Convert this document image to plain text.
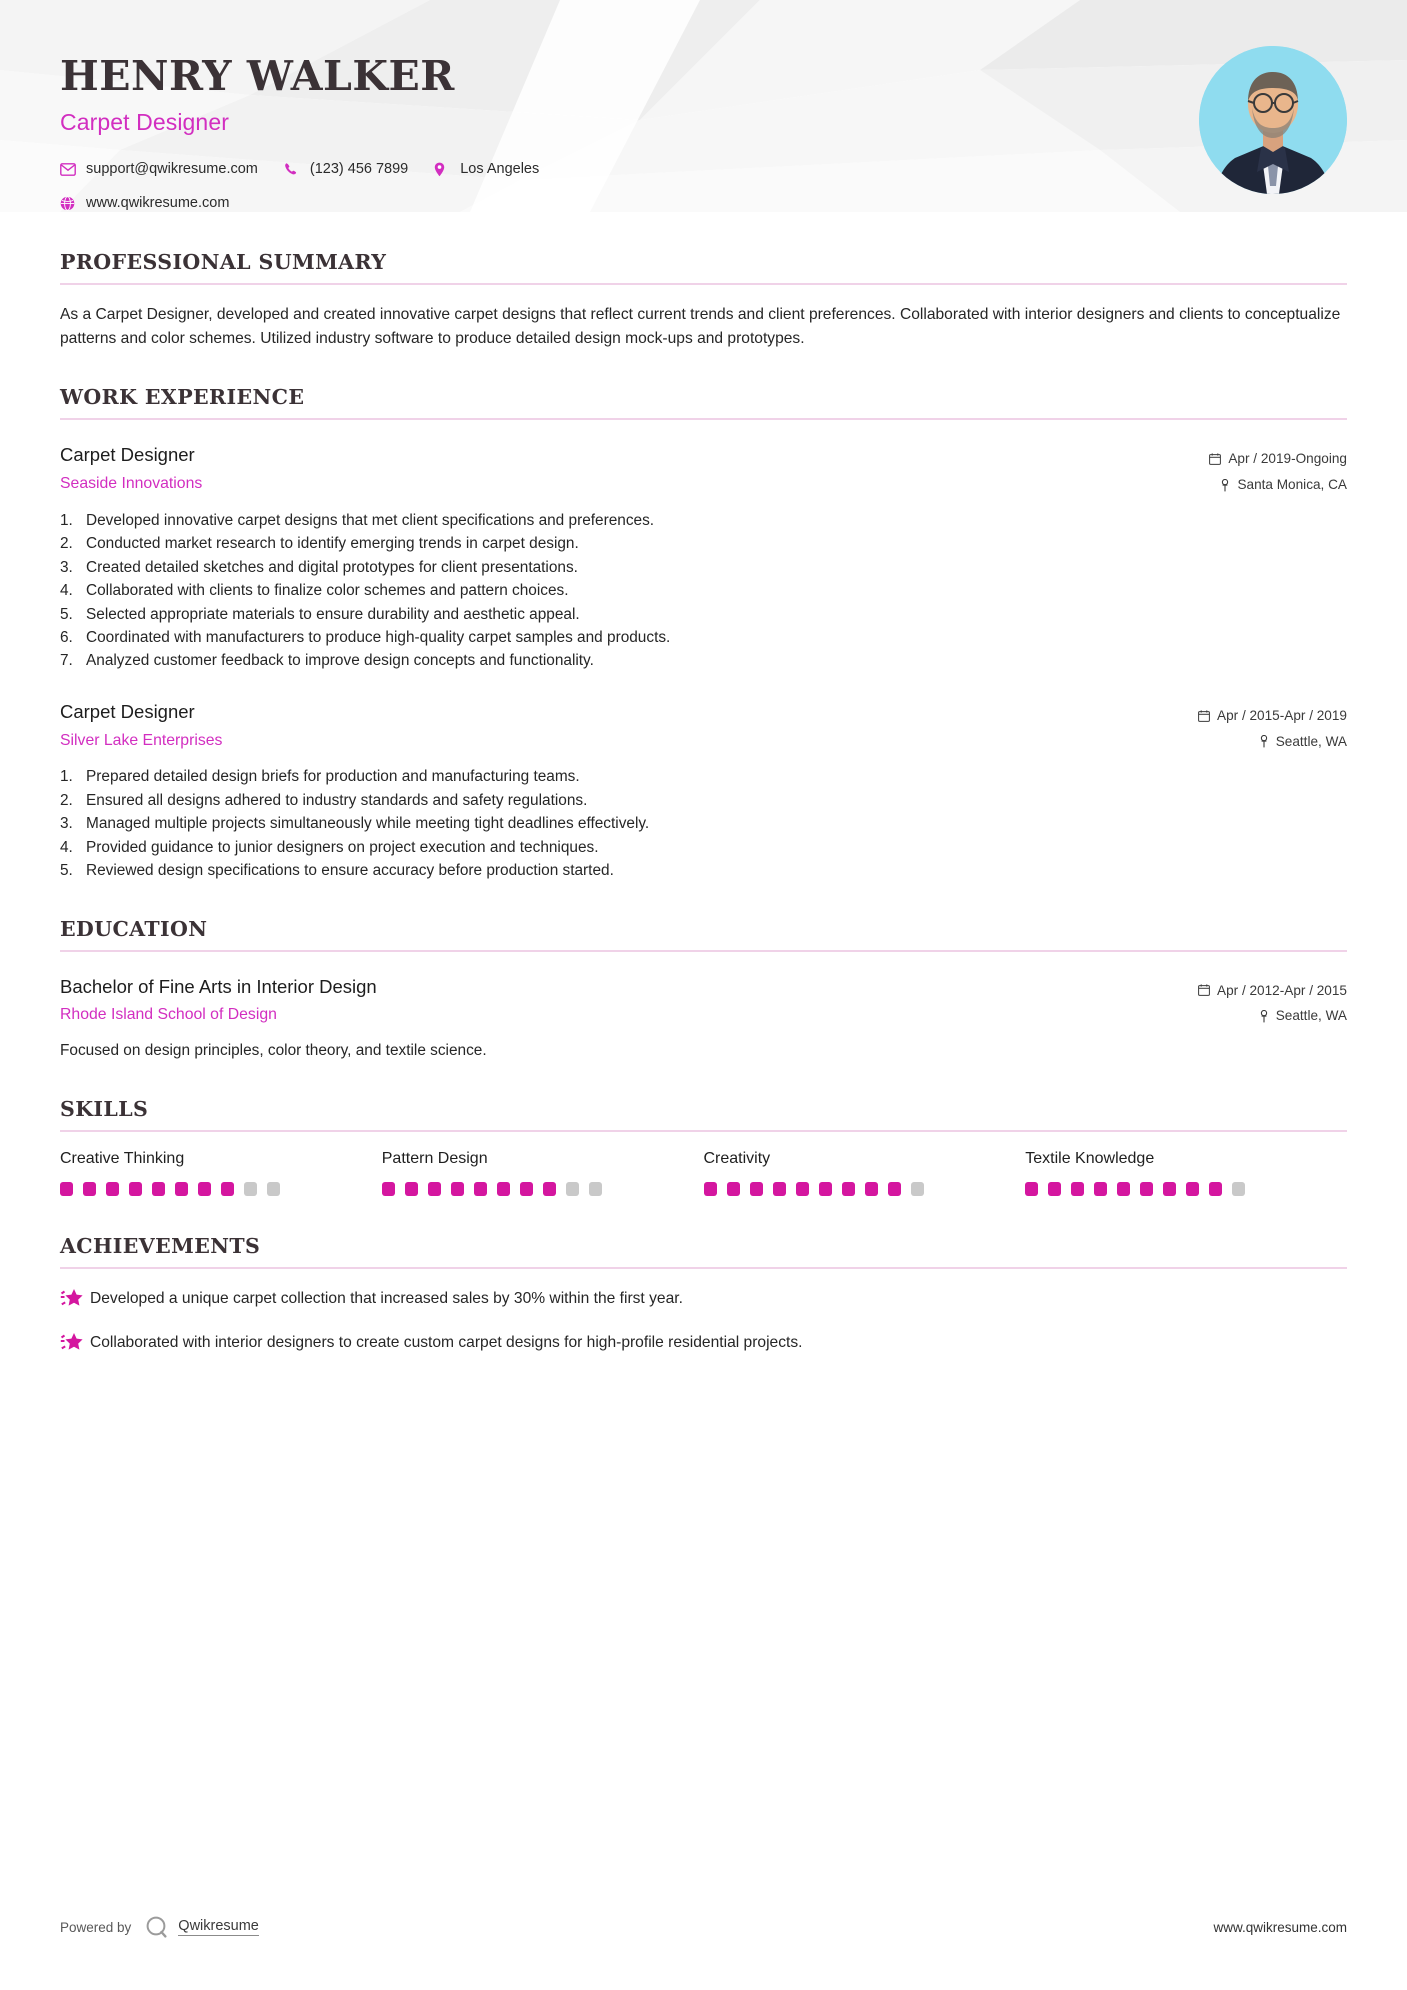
HENRY WALKER
Carpet Designer
support@qwikresume.com	(123) 456 7899	Los Angeles
www.qwikresume.com
PROFESSIONAL SUMMARY
As a Carpet Designer, developed and created innovative carpet designs that reflect current trends and client preferences. Collaborated with interior designers and clients to conceptualize patterns and color schemes. Utilized industry software to produce detailed design mock-ups and prototypes.
WORK EXPERIENCE
Carpet Designer
Seaside Innovations
Apr / 2019-Ongoing
Santa Monica, CA
1. Developed innovative carpet designs that met client specifications and preferences.
2. Conducted market research to identify emerging trends in carpet design.
3. Created detailed sketches and digital prototypes for client presentations.
4. Collaborated with clients to finalize color schemes and pattern choices.
5. Selected appropriate materials to ensure durability and aesthetic appeal.
6. Coordinated with manufacturers to produce high-quality carpet samples and products.
7. Analyzed customer feedback to improve design concepts and functionality.
Carpet Designer
Silver Lake Enterprises
Apr / 2015-Apr / 2019
Seattle, WA
1. Prepared detailed design briefs for production and manufacturing teams.
2. Ensured all designs adhered to industry standards and safety regulations.
3. Managed multiple projects simultaneously while meeting tight deadlines effectively.
4. Provided guidance to junior designers on project execution and techniques.
5. Reviewed design specifications to ensure accuracy before production started.
EDUCATION
Bachelor of Fine Arts in Interior Design
Rhode Island School of Design
Apr / 2012-Apr / 2015
Seattle, WA
Focused on design principles, color theory, and textile science.
SKILLS
Creative Thinking	Pattern Design	Creativity	Textile Knowledge
ACHIEVEMENTS
Developed a unique carpet collection that increased sales by 30% within the first year.
Collaborated with interior designers to create custom carpet designs for high-profile residential projects.
Powered by	Qwikresume	www.qwikresume.com
